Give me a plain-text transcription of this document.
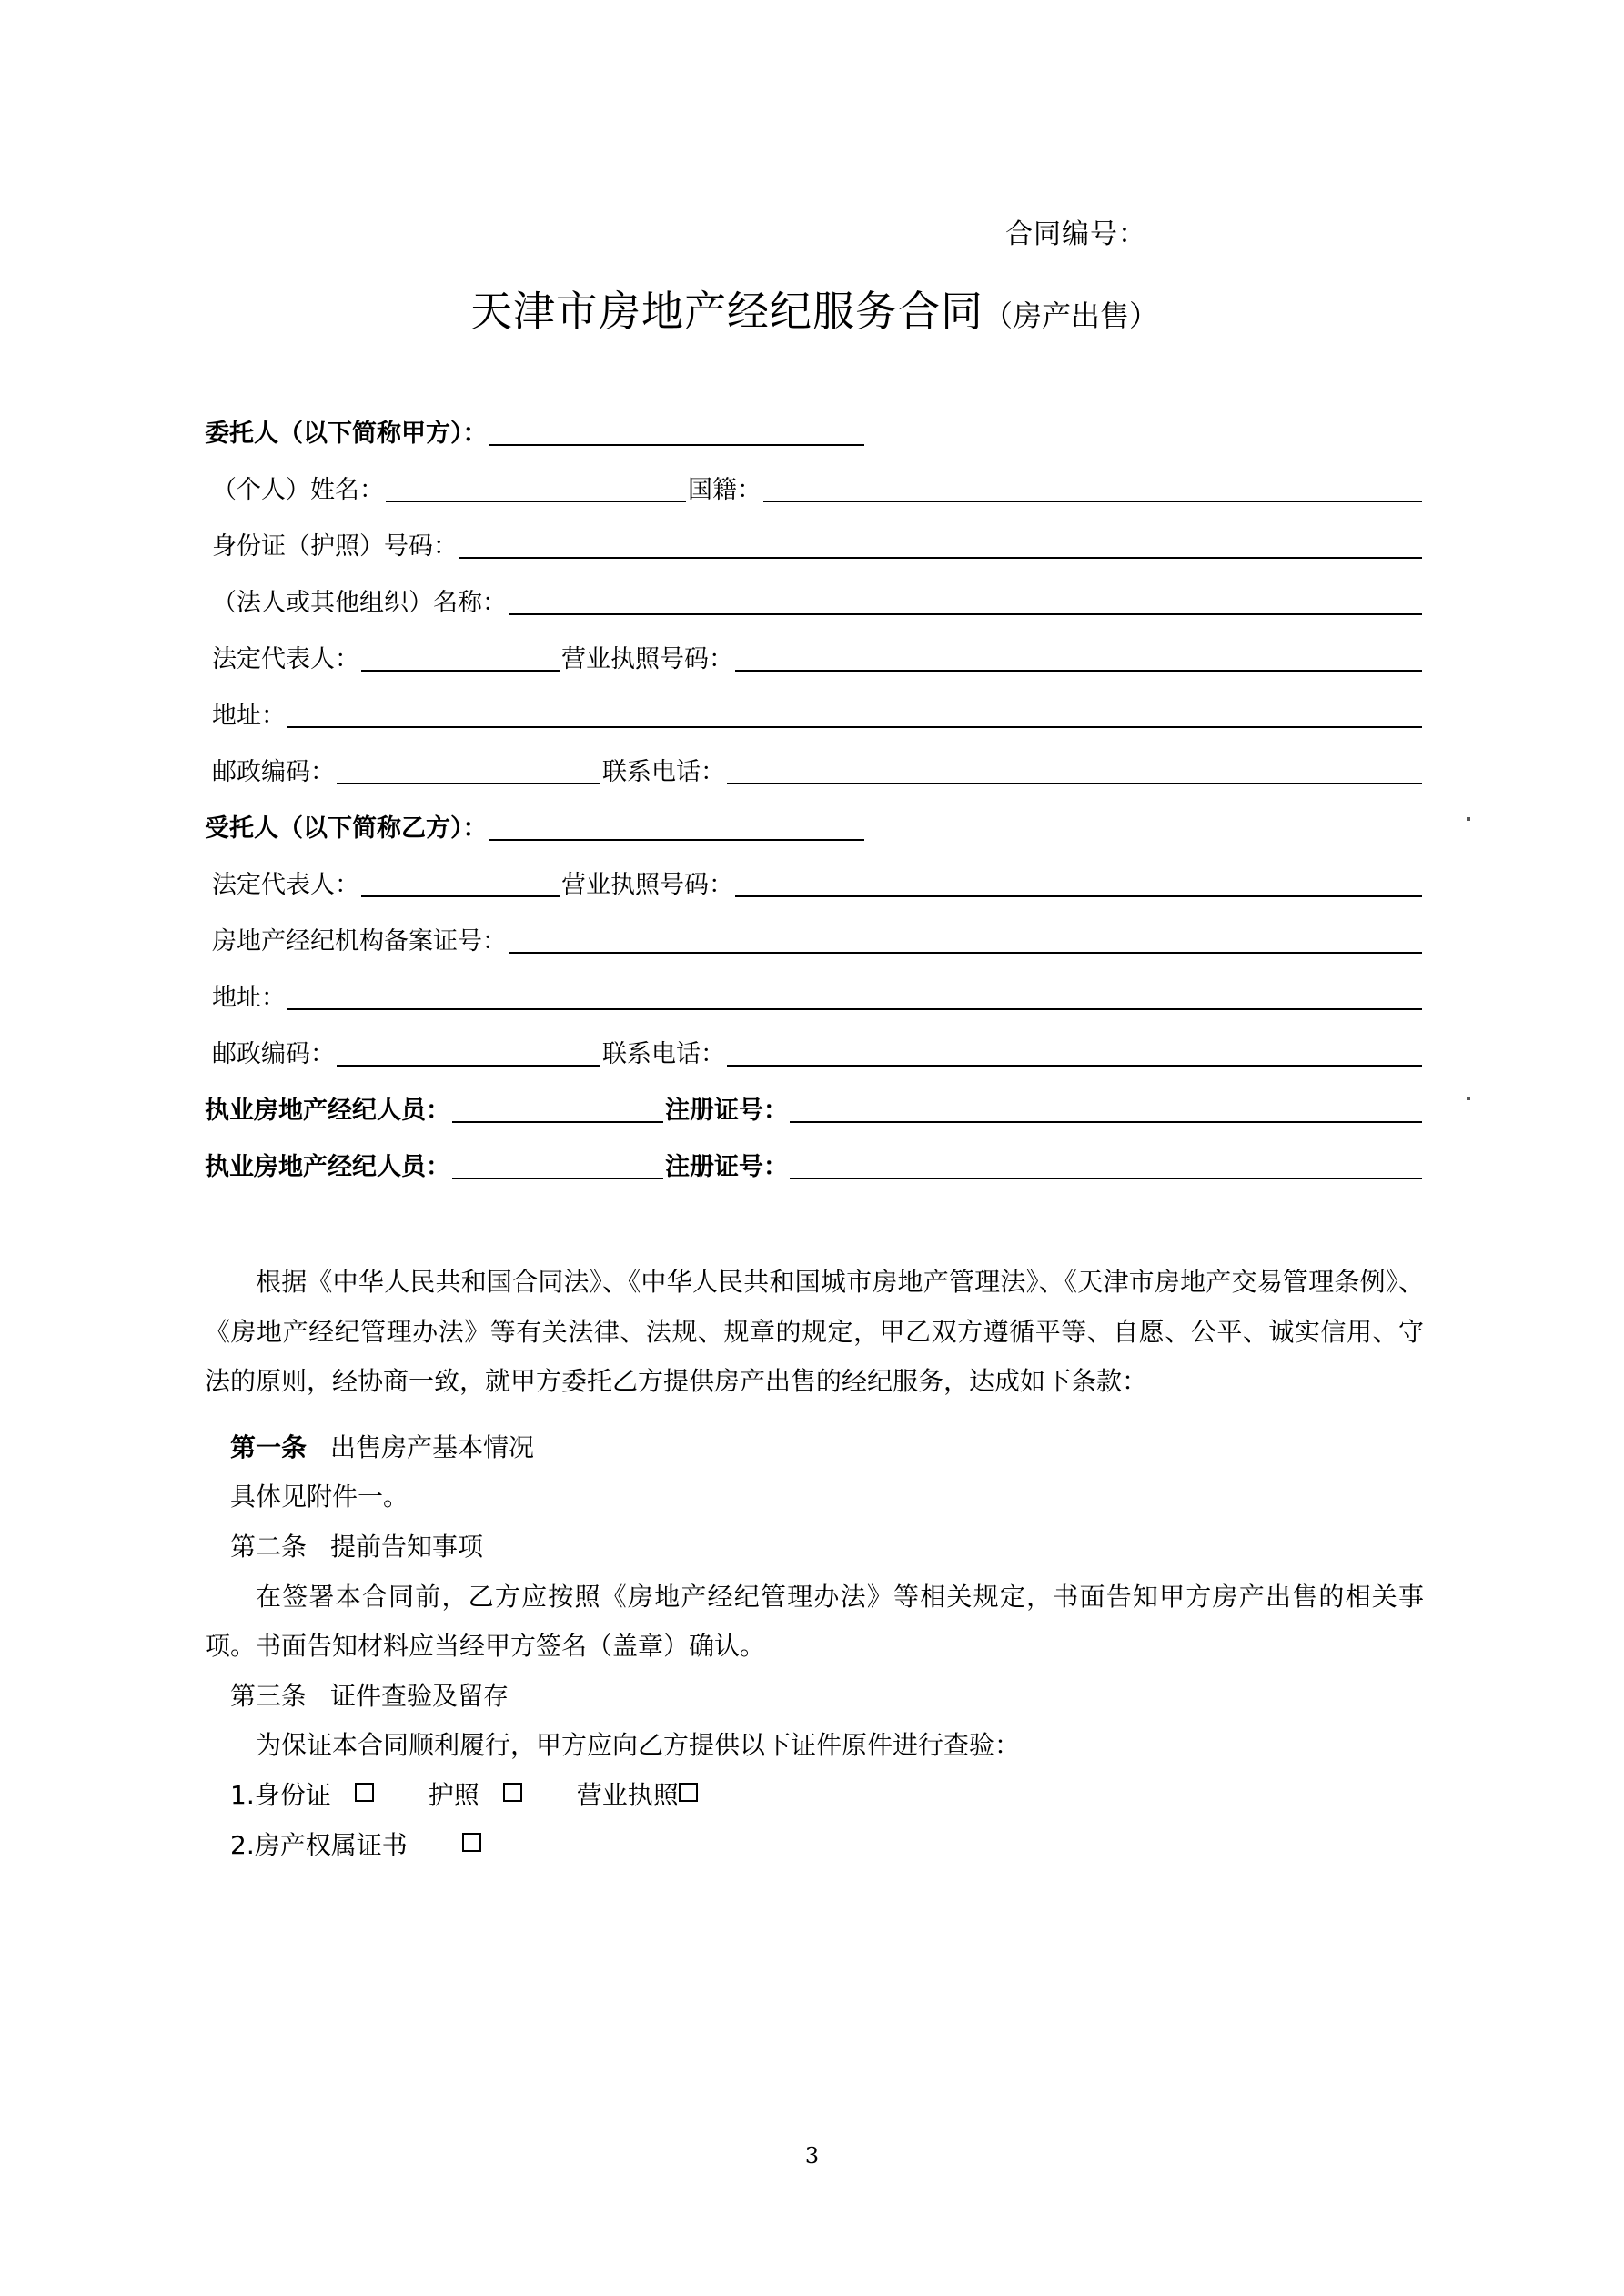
合同编号：
天津市房地产经纪服务合同（房产出售）
委托人（以下简称甲方）：
（个人）姓名：	国籍：
身份证（护照）号码：
（法人或其他组织）名称：
法定代表人：	营业执照号码：
地址：
邮政编码：	联系电话：
受托人（以下简称乙方）：
法定代表人：	营业执照号码：
房地产经纪机构备案证号：
地址：
邮政编码：	联系电话：
执业房地产经纪人员：	注册证号：
执业房地产经纪人员：	注册证号：
根据《中华人民共和国合同法》、《中华人民共和国城市房地产管理法》、《天津市房地产交易管理条例》、《房地产经纪管理办法》等有关法律、法规、规章的规定，甲乙双方遵循平等、自愿、公平、诚实信用、守法的原则，经协商一致，就甲方委托乙方提供房产出售的经纪服务，达成如下条款：
第一条 出售房产基本情况
具体见附件一。
第二条 提前告知事项
在签署本合同前，乙方应按照《房地产经纪管理办法》等相关规定，书面告知甲方房产出售的相关事项。书面告知材料应当经甲方签名（盖章）确认。
第三条 证件查验及留存
为保证本合同顺利履行，甲方应向乙方提供以下证件原件进行查验：
1.身份证	护照	营业执照
2.房产权属证书
3
